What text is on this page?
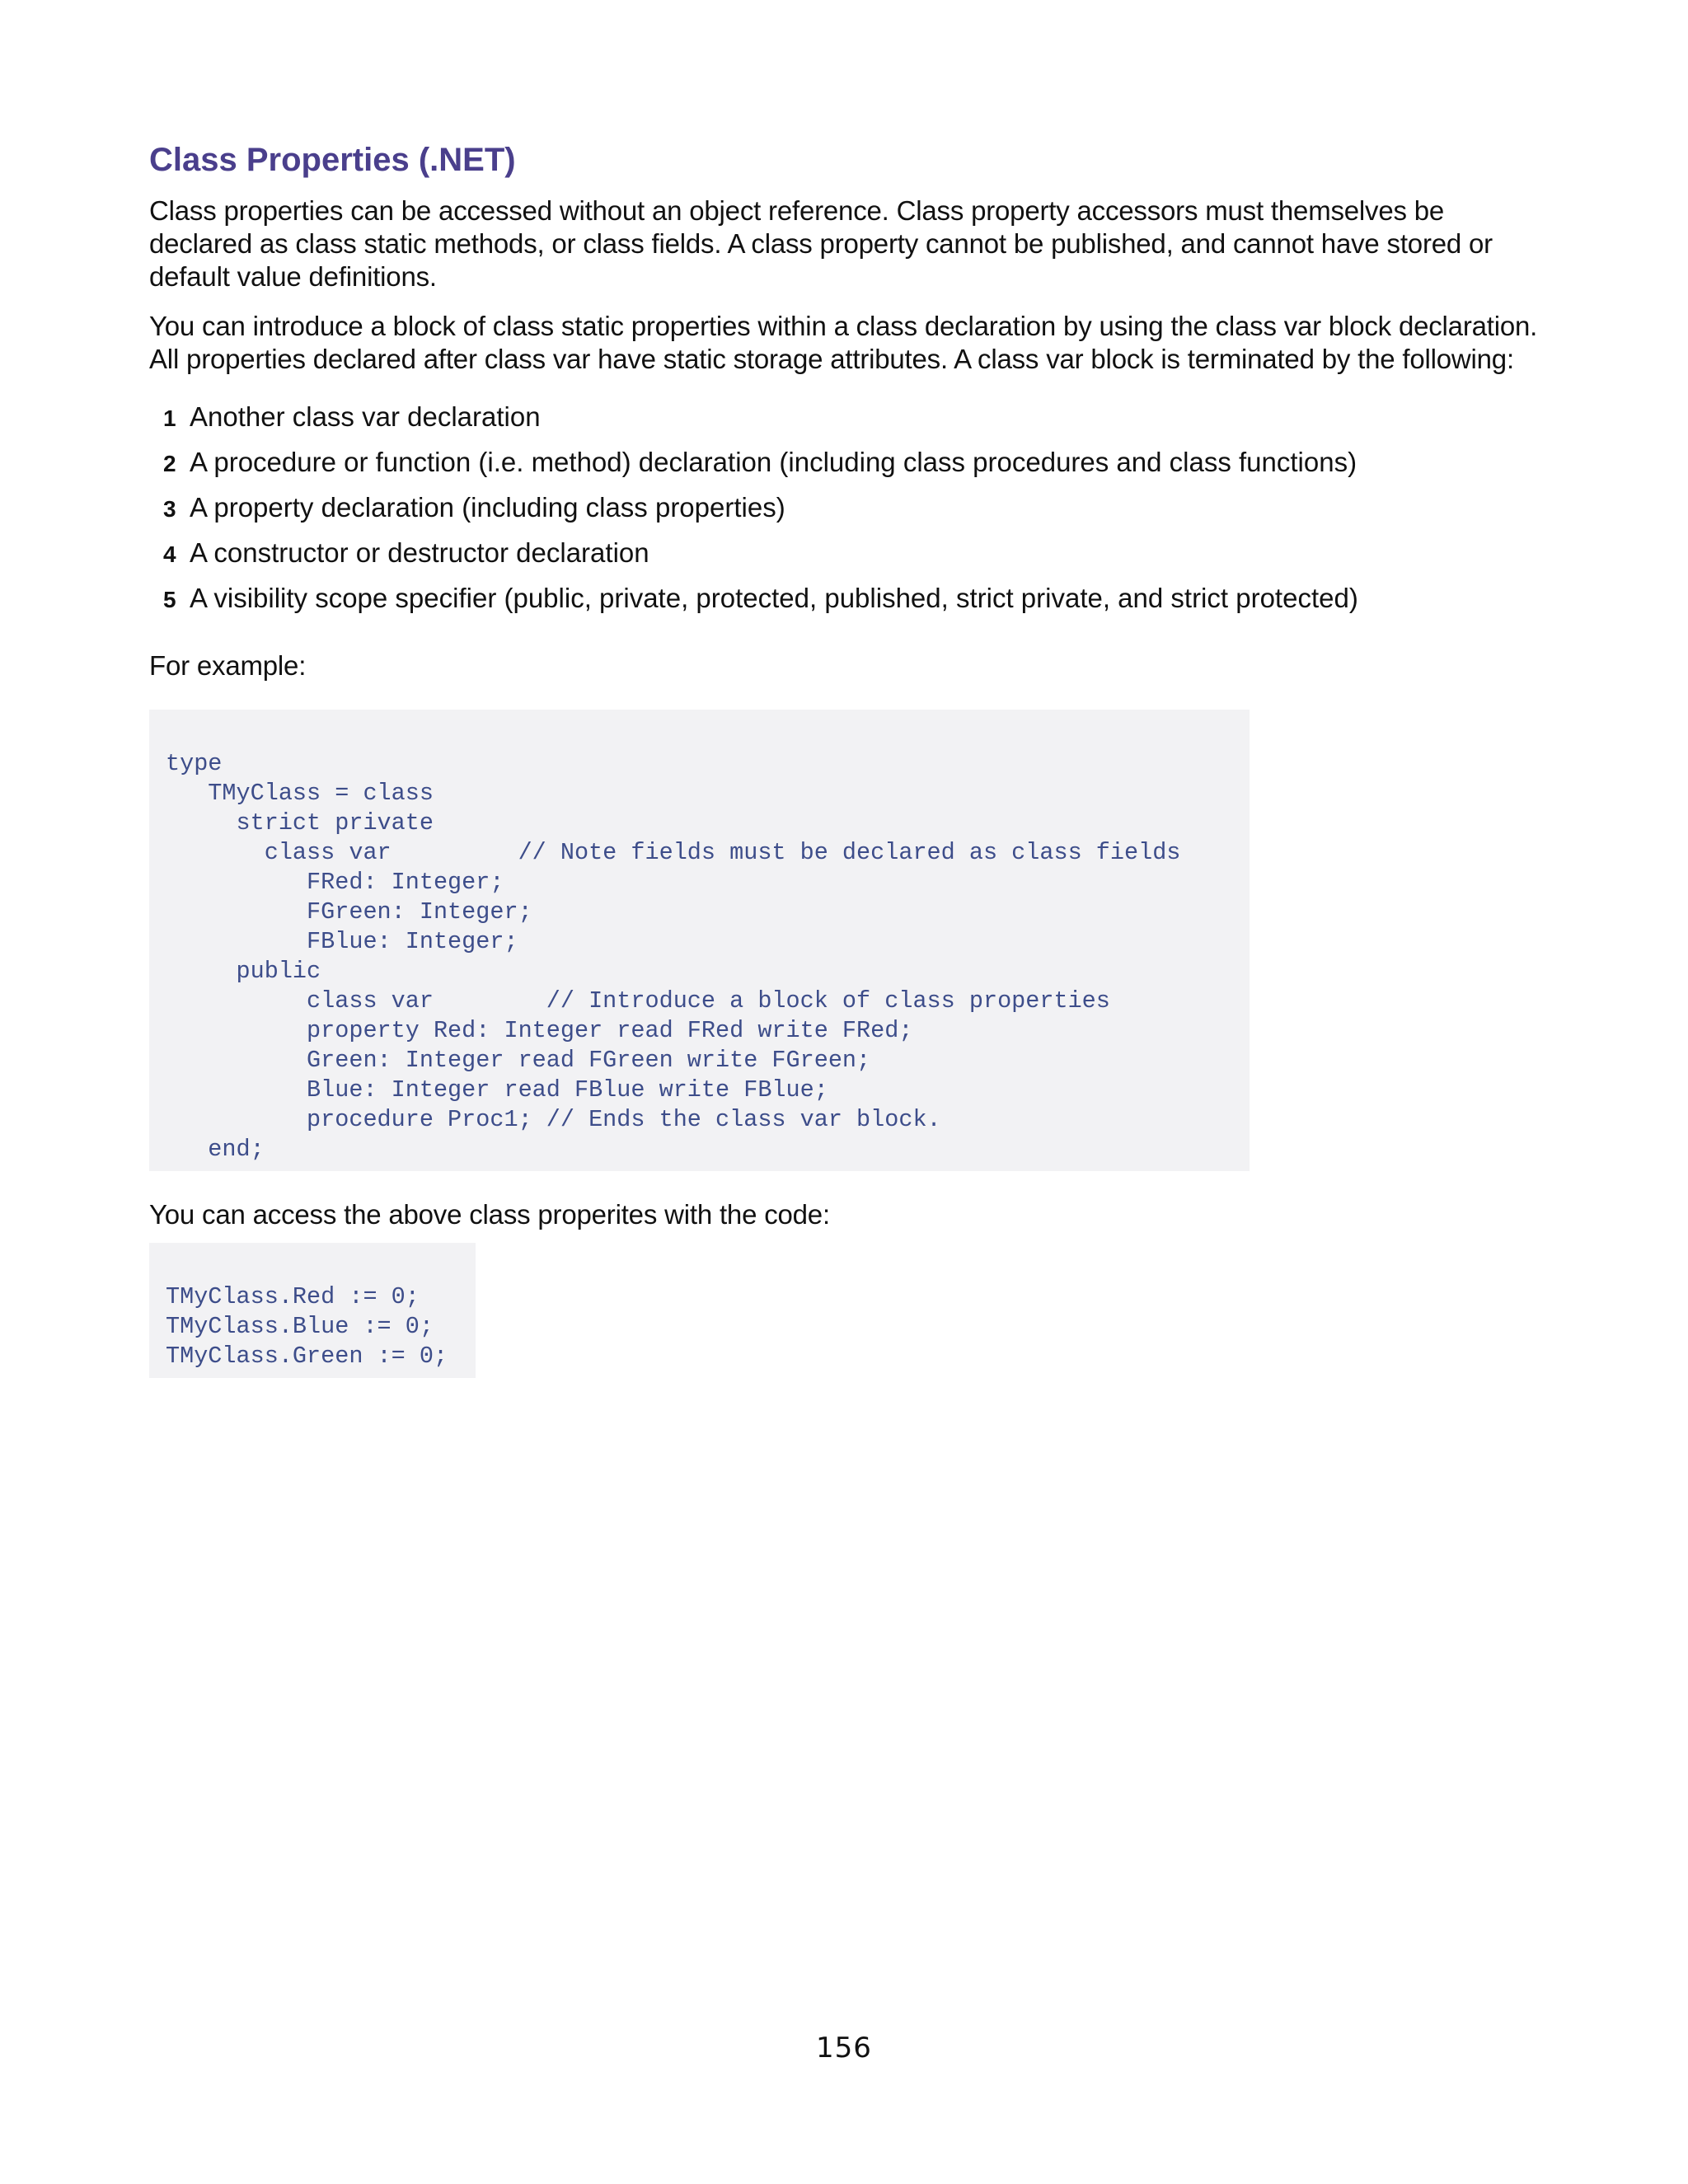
Class Properties (.NET)

Class properties can be accessed without an object reference. Class property accessors must themselves be declared as class static methods, or class fields. A class property cannot be published, and cannot have stored or default value definitions.

You can introduce a block of class static properties within a class declaration by using the class var block declaration. All properties declared after class var have static storage attributes. A class var block is terminated by the following:

1 Another class var declaration
2 A procedure or function (i.e. method) declaration (including class procedures and class functions)
3 A property declaration (including class properties)
4 A constructor or destructor declaration
5 A visibility scope specifier (public, private, protected, published, strict private, and strict protected)

For example:

type
TMyClass = class
strict private
class var         // Note fields must be declared as class fields
FRed: Integer;
FGreen: Integer;
FBlue: Integer;
public
class var        // Introduce a block of class properties
property Red: Integer read FRed write FRed;
Green: Integer read FGreen write FGreen;
Blue: Integer read FBlue write FBlue;
procedure Proc1; // Ends the class var block.
end;

You can access the above class properites with the code:

TMyClass.Red := 0;
TMyClass.Blue := 0;
TMyClass.Green := 0;
156
